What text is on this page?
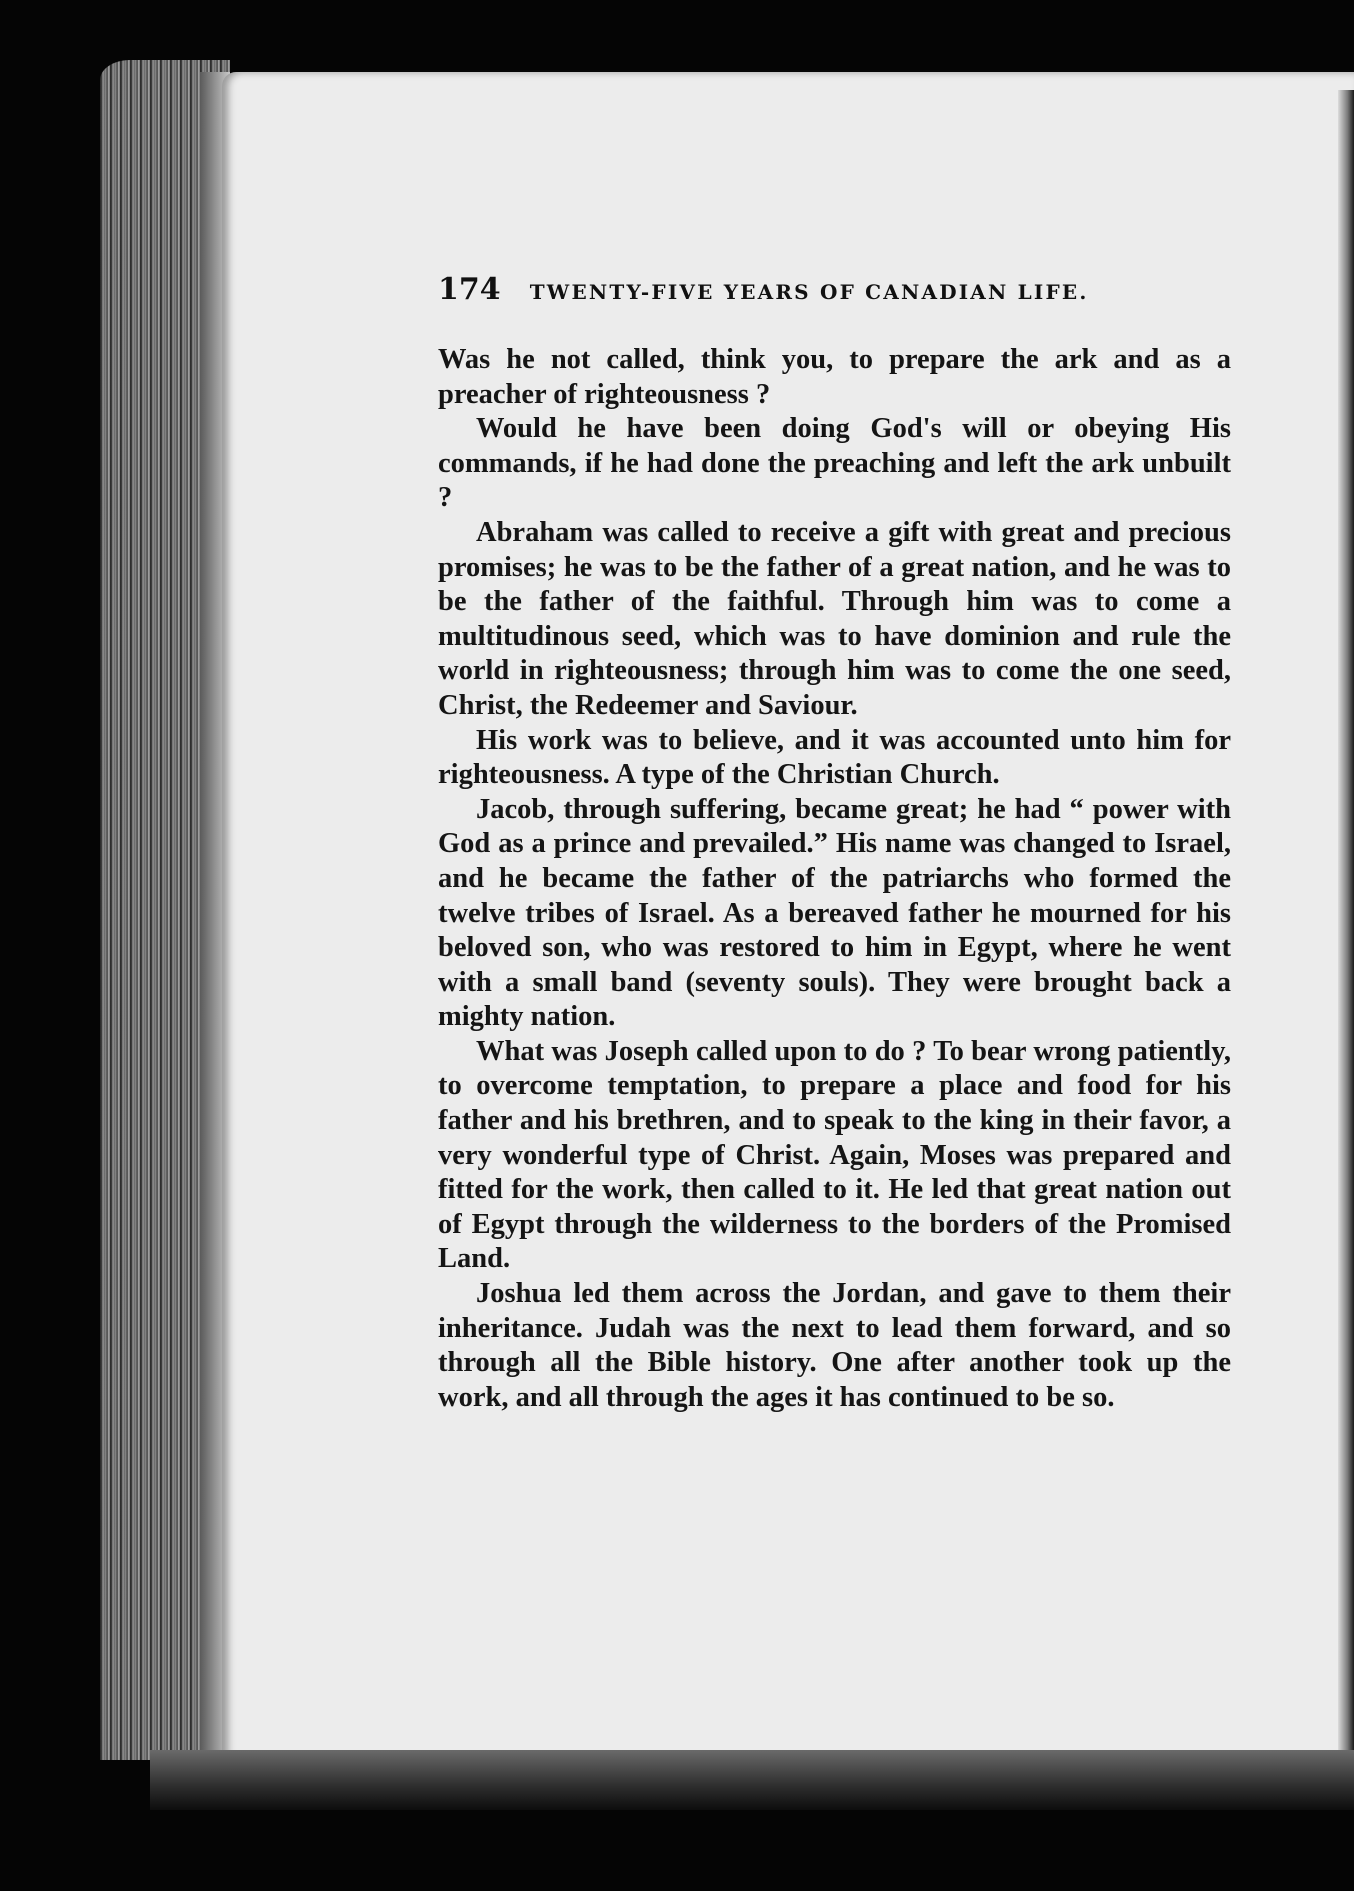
174 TWENTY-FIVE YEARS OF CANADIAN LIFE.

Was he not called, think you, to prepare the ark and as a preacher of righteousness ?

Would he have been doing God's will or obeying His commands, if he had done the preaching and left the ark unbuilt ?

Abraham was called to receive a gift with great and precious promises; he was to be the father of a great nation, and he was to be the father of the faithful. Through him was to come a multitudinous seed, which was to have dominion and rule the world in righteousness; through him was to come the one seed, Christ, the Redeemer and Saviour.

His work was to believe, and it was accounted unto him for righteousness. A type of the Christian Church.

Jacob, through suffering, became great; he had “ power with God as a prince and prevailed.” His name was changed to Israel, and he became the father of the patriarchs who formed the twelve tribes of Israel. As a bereaved father he mourned for his beloved son, who was restored to him in Egypt, where he went with a small band (seventy souls). They were brought back a mighty nation.

What was Joseph called upon to do ? To bear wrong patiently, to overcome temptation, to prepare a place and food for his father and his brethren, and to speak to the king in their favor, a very wonderful type of Christ. Again, Moses was prepared and fitted for the work, then called to it. He led that great nation out of Egypt through the wilderness to the borders of the Promised Land.

Joshua led them across the Jordan, and gave to them their inheritance. Judah was the next to lead them forward, and so through all the Bible history. One after another took up the work, and all through the ages it has continued to be so.
